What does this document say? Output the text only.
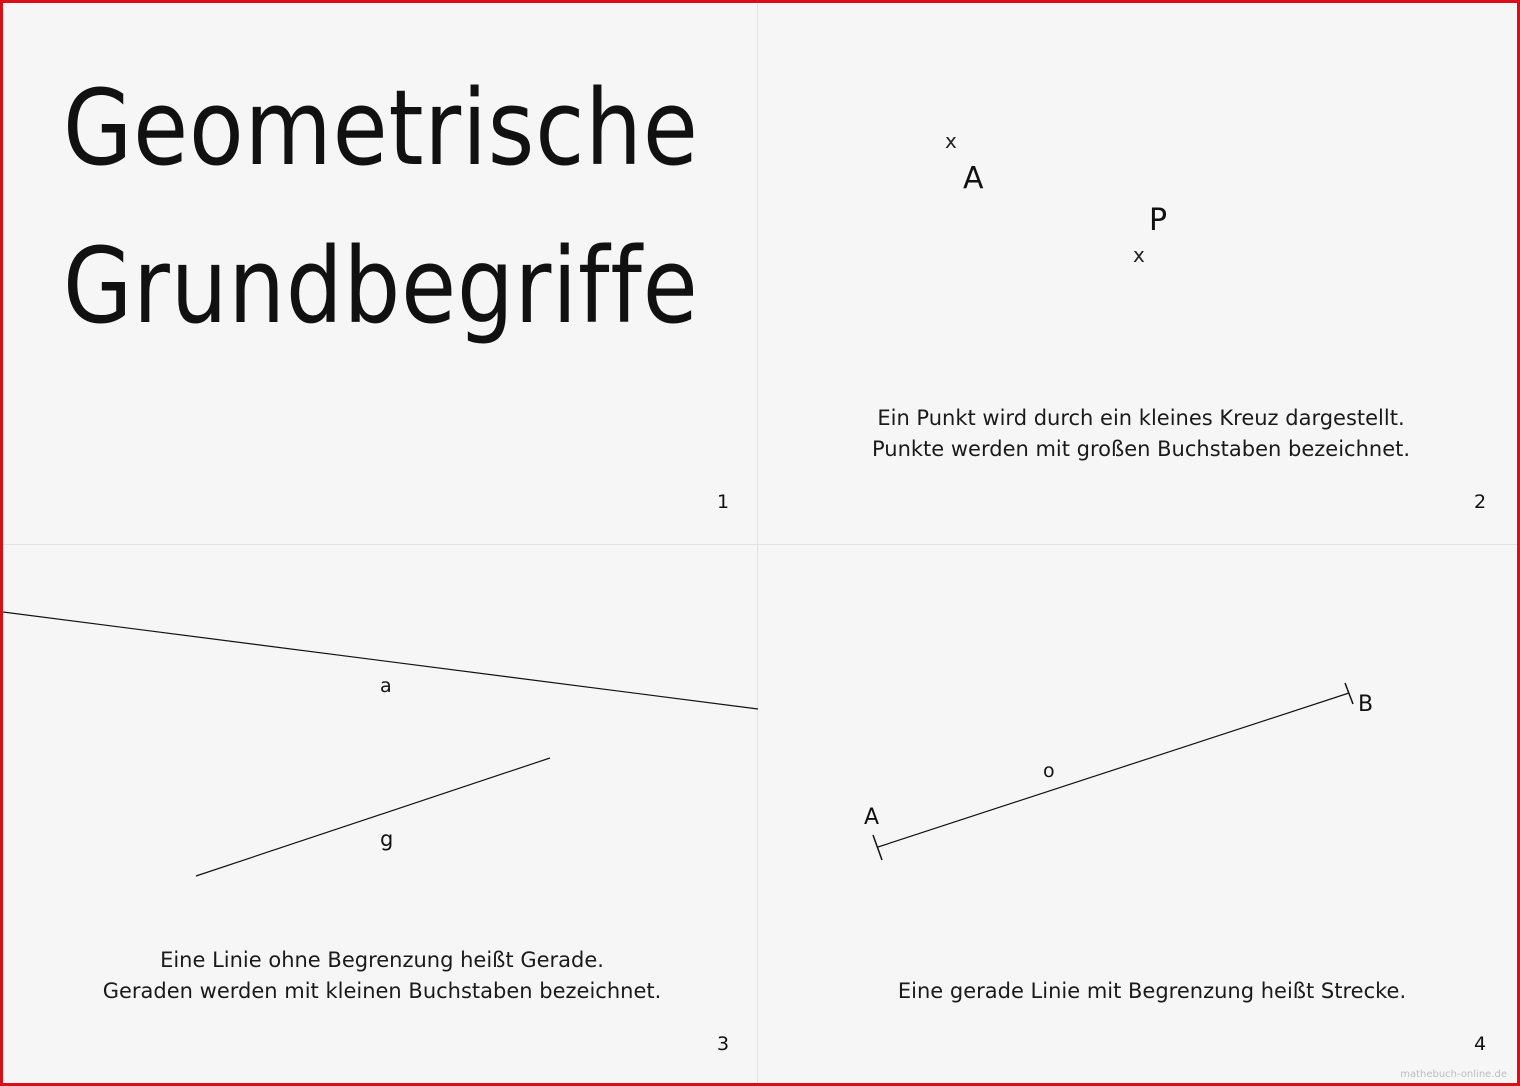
Geometrische
Grundbegriffe
1
x
A
P
x
Ein Punkt wird durch ein kleines Kreuz dargestellt.
Punkte werden mit großen Buchstaben bezeichnet.
2
a
g
Eine Linie ohne Begrenzung heißt Gerade.
Geraden werden mit kleinen Buchstaben bezeichnet.
3
A
B
o
Eine gerade Linie mit Begrenzung heißt Strecke.
4
mathebuch-online.de
